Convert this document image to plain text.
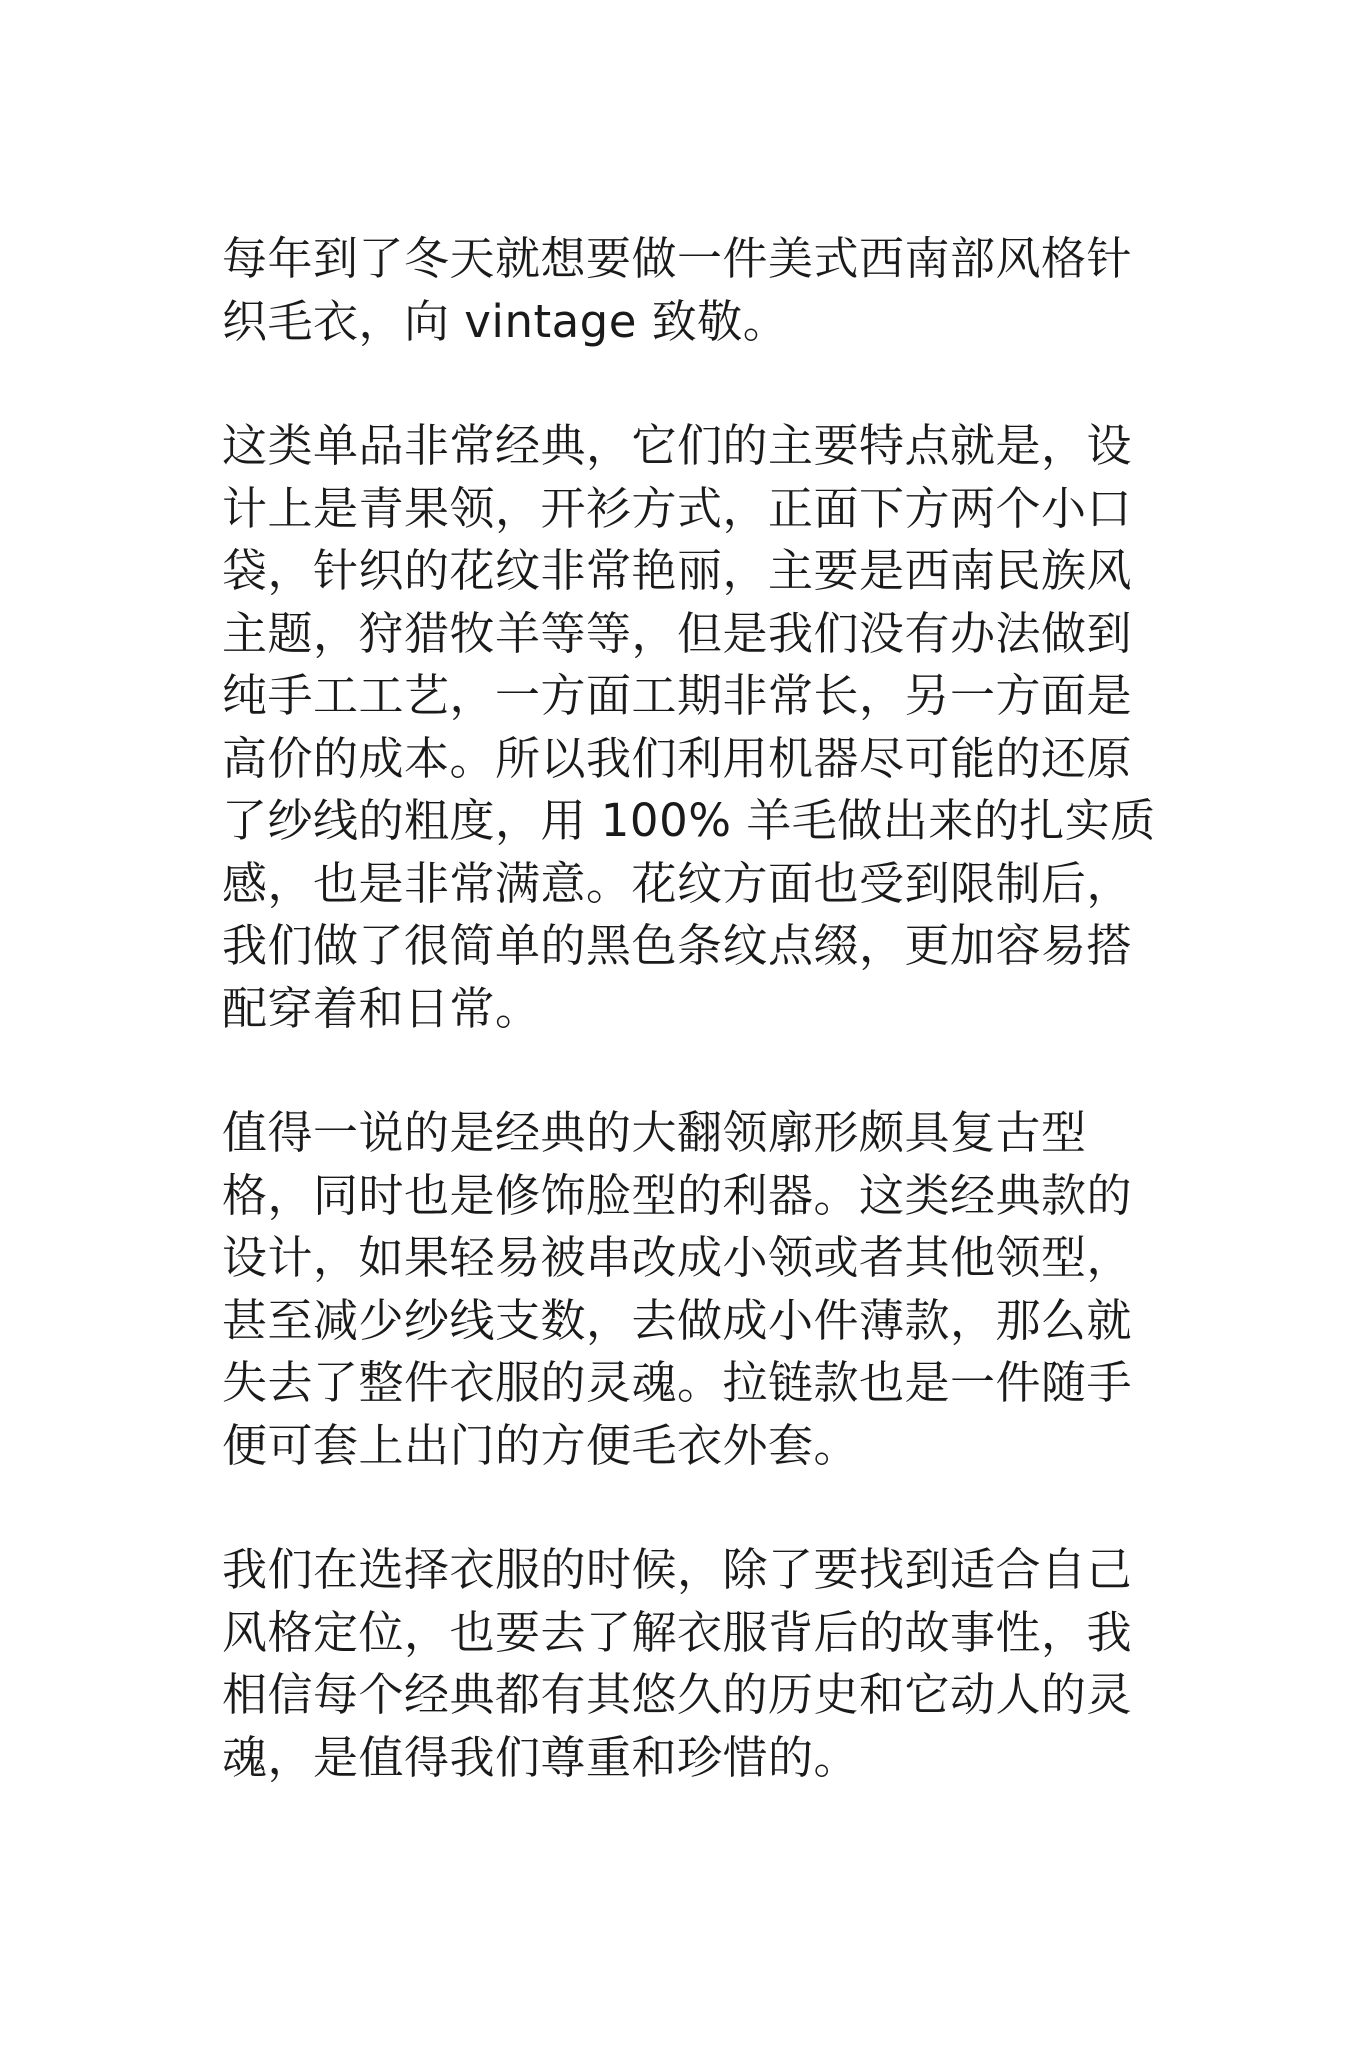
每年到了冬天就想要做一件美式西南部风格针
织毛衣，向 vintage 致敬。

这类单品非常经典，它们的主要特点就是，设
计上是青果领，开衫方式，正面下方两个小口
袋，针织的花纹非常艳丽，主要是西南民族风
主题，狩猎牧羊等等，但是我们没有办法做到
纯手工工艺，一方面工期非常长，另一方面是
高价的成本。所以我们利用机器尽可能的还原
了纱线的粗度，用 100% 羊毛做出来的扎实质
感，也是非常满意。花纹方面也受到限制后，
我们做了很简单的黑色条纹点缀，更加容易搭
配穿着和日常。

值得一说的是经典的大翻领廓形颇具复古型
格，同时也是修饰脸型的利器。这类经典款的
设计，如果轻易被串改成小领或者其他领型，
甚至减少纱线支数，去做成小件薄款，那么就
失去了整件衣服的灵魂。拉链款也是一件随手
便可套上出门的方便毛衣外套。

我们在选择衣服的时候，除了要找到适合自己
风格定位，也要去了解衣服背后的故事性，我
相信每个经典都有其悠久的历史和它动人的灵
魂，是值得我们尊重和珍惜的。
